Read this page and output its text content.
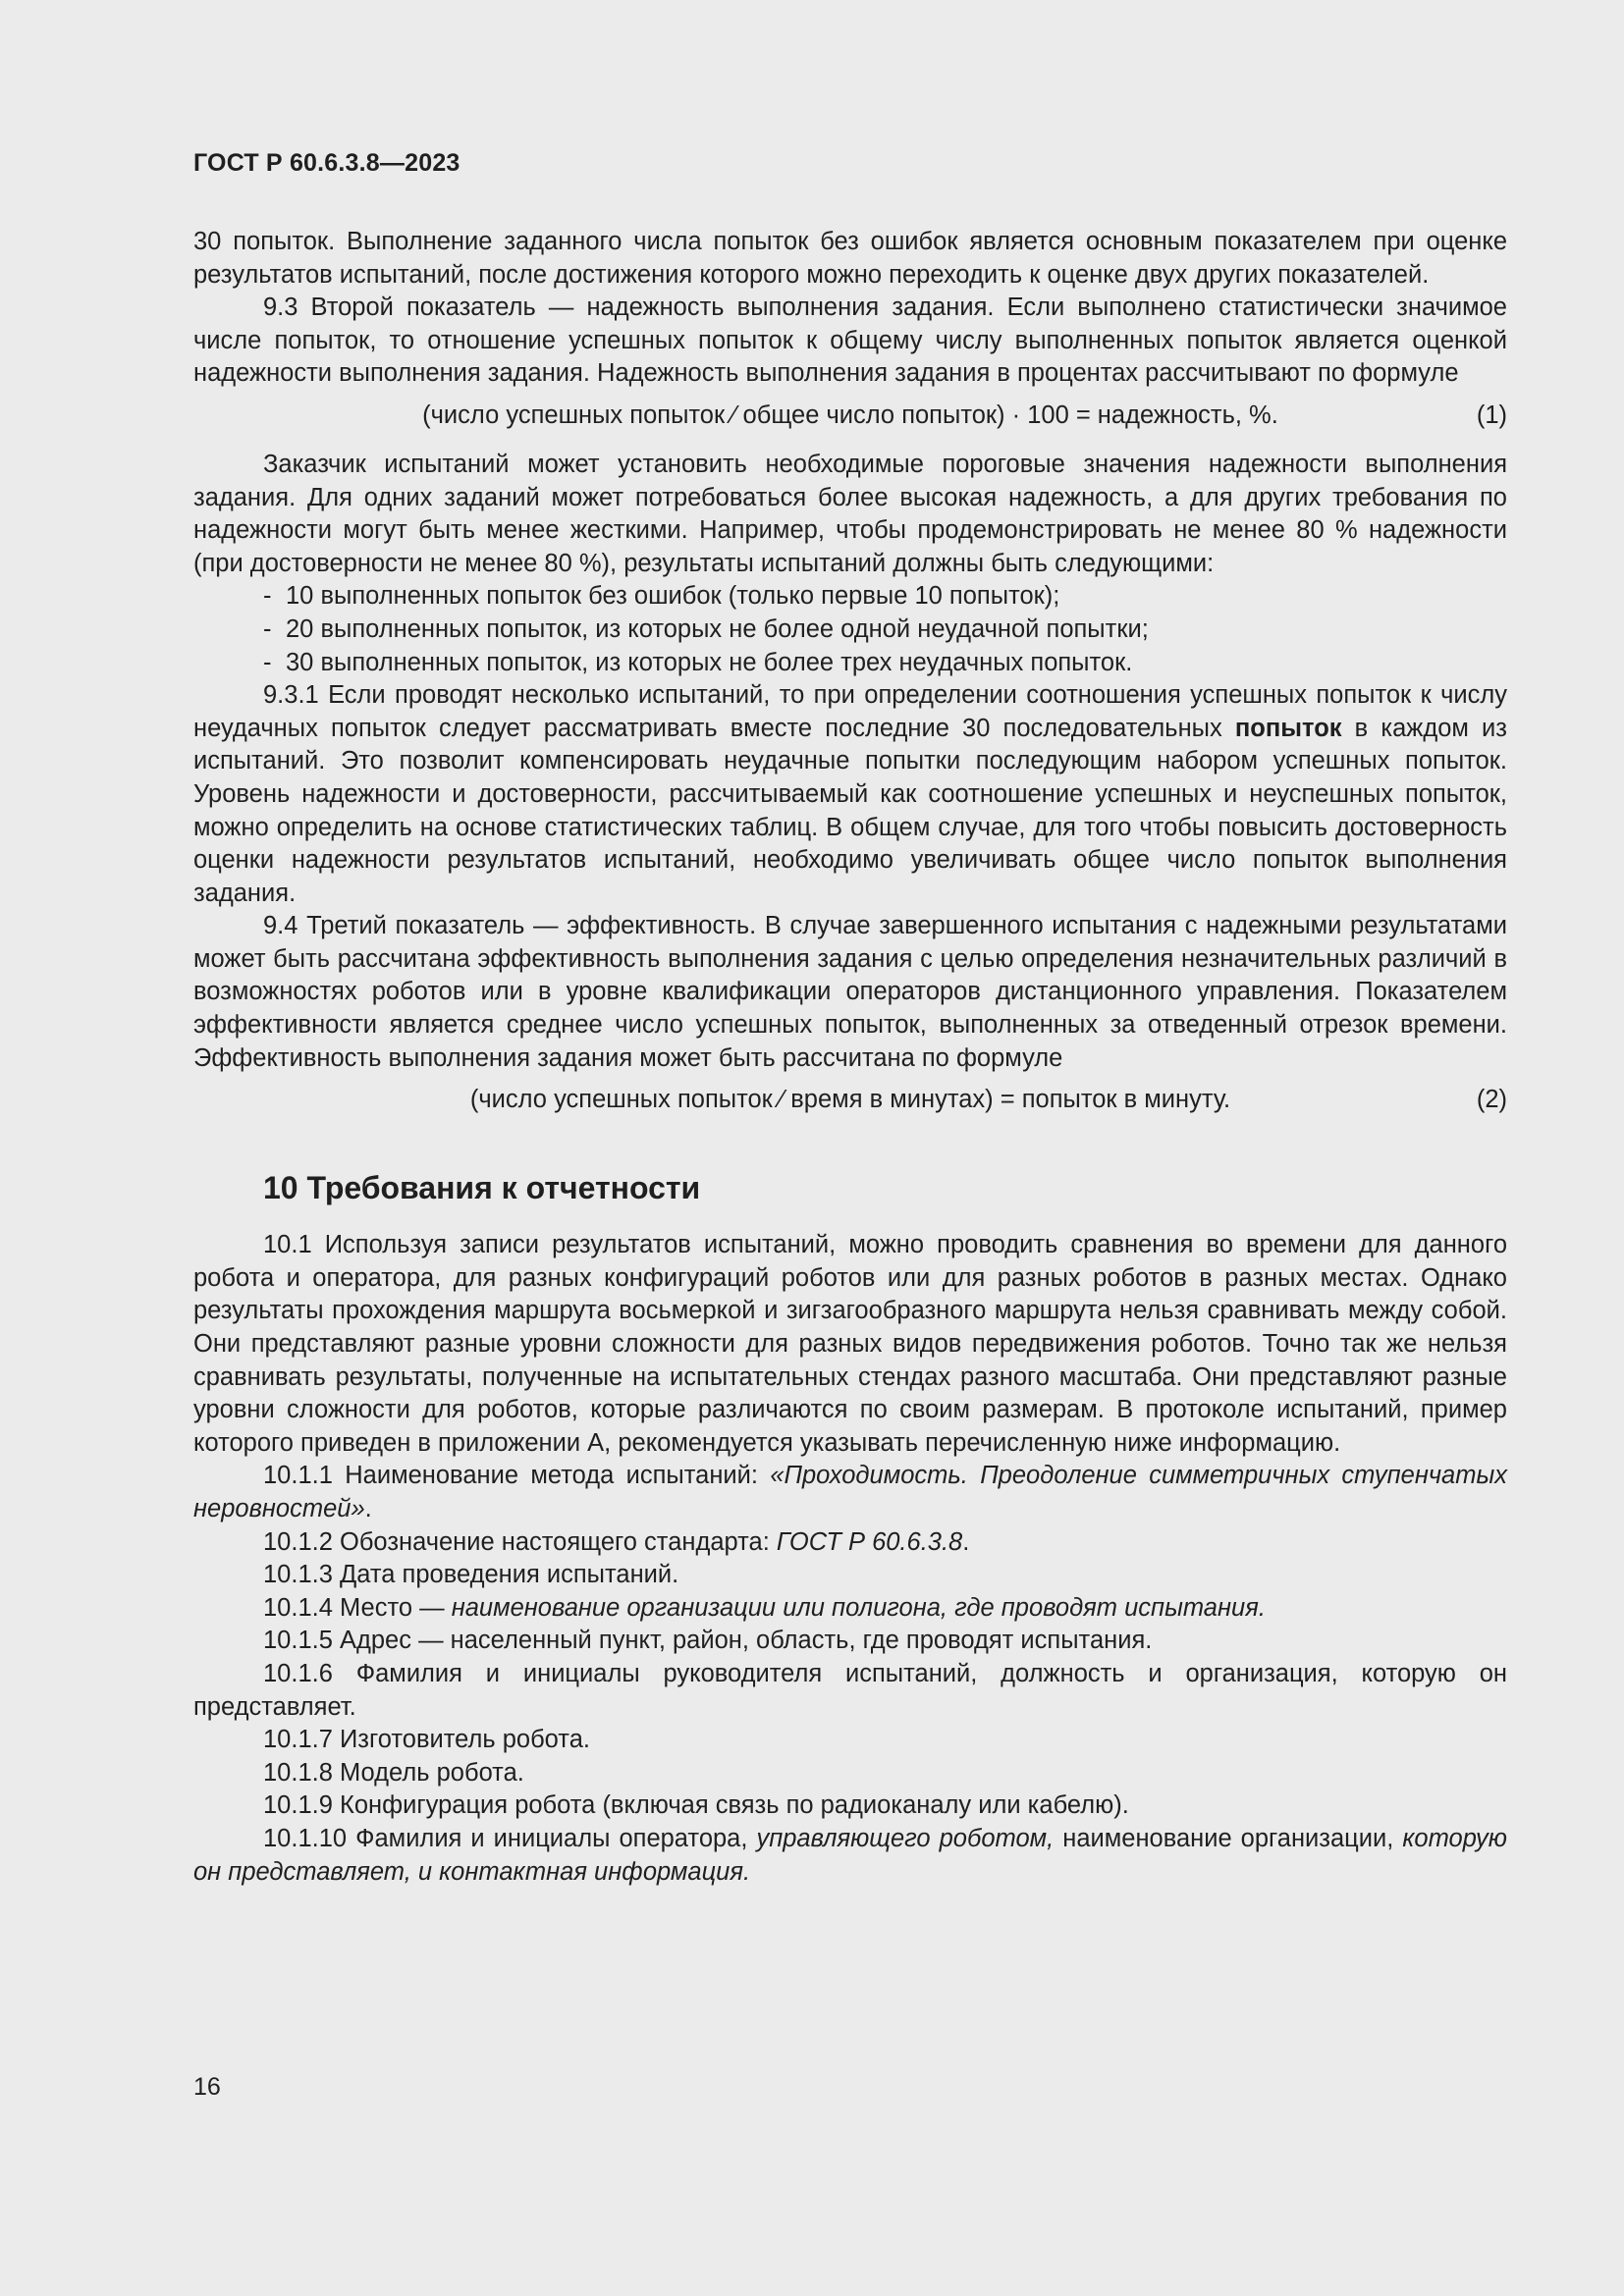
ГОСТ Р 60.6.3.8—2023

30 попыток. Выполнение заданного числа попыток без ошибок является основным показателем при оценке результатов испытаний, после достижения которого можно переходить к оценке двух других показателей.

9.3 Второй показатель — надежность выполнения задания. Если выполнено статистически значимое числе попыток, то отношение успешных попыток к общему числу выполненных попыток является оценкой надежности выполнения задания. Надежность выполнения задания в процентах рассчитывают по формуле

(число успешных попыток ⁄ общее число попыток) · 100 = надежность, %.	(1)

Заказчик испытаний может установить необходимые пороговые значения надежности выполнения задания. Для одних заданий может потребоваться более высокая надежность, а для других требования по надежности могут быть менее жесткими. Например, чтобы продемонстрировать не менее 80 % надежности (при достоверности не менее 80 %), результаты испытаний должны быть следующими:

- 10 выполненных попыток без ошибок (только первые 10 попыток);
- 20 выполненных попыток, из которых не более одной неудачной попытки;
- 30 выполненных попыток, из которых не более трех неудачных попыток.

9.3.1 Если проводят несколько испытаний, то при определении соотношения успешных попыток к числу неудачных попыток следует рассматривать вместе последние 30 последовательных попыток в каждом из испытаний. Это позволит компенсировать неудачные попытки последующим набором успешных попыток. Уровень надежности и достоверности, рассчитываемый как соотношение успешных и неуспешных попыток, можно определить на основе статистических таблиц. В общем случае, для того чтобы повысить достоверность оценки надежности результатов испытаний, необходимо увеличивать общее число попыток выполнения задания.

9.4 Третий показатель — эффективность. В случае завершенного испытания с надежными результатами может быть рассчитана эффективность выполнения задания с целью определения незначительных различий в возможностях роботов или в уровне квалификации операторов дистанционного управления. Показателем эффективности является среднее число успешных попыток, выполненных за отведенный отрезок времени. Эффективность выполнения задания может быть рассчитана по формуле

(число успешных попыток ⁄ время в минутах) = попыток в минуту.	(2)
10 Требования к отчетности

10.1 Используя записи результатов испытаний, можно проводить сравнения во времени для данного робота и оператора, для разных конфигураций роботов или для разных роботов в разных местах. Однако результаты прохождения маршрута восьмеркой и зигзагообразного маршрута нельзя сравнивать между собой. Они представляют разные уровни сложности для разных видов передвижения роботов. Точно так же нельзя сравнивать результаты, полученные на испытательных стендах разного масштаба. Они представляют разные уровни сложности для роботов, которые различаются по своим размерам. В протоколе испытаний, пример которого приведен в приложении А, рекомендуется указывать перечисленную ниже информацию.

10.1.1 Наименование метода испытаний: «Проходимость. Преодоление симметричных ступенчатых неровностей».

10.1.2 Обозначение настоящего стандарта: ГОСТ Р 60.6.3.8.

10.1.3 Дата проведения испытаний.

10.1.4 Место — наименование организации или полигона, где проводят испытания.

10.1.5 Адрес — населенный пункт, район, область, где проводят испытания.

10.1.6 Фамилия и инициалы руководителя испытаний, должность и организация, которую он представляет.

10.1.7 Изготовитель робота.

10.1.8 Модель робота.

10.1.9 Конфигурация робота (включая связь по радиоканалу или кабелю).

10.1.10 Фамилия и инициалы оператора, управляющего роботом, наименование организации, которую он представляет, и контактная информация.

16
